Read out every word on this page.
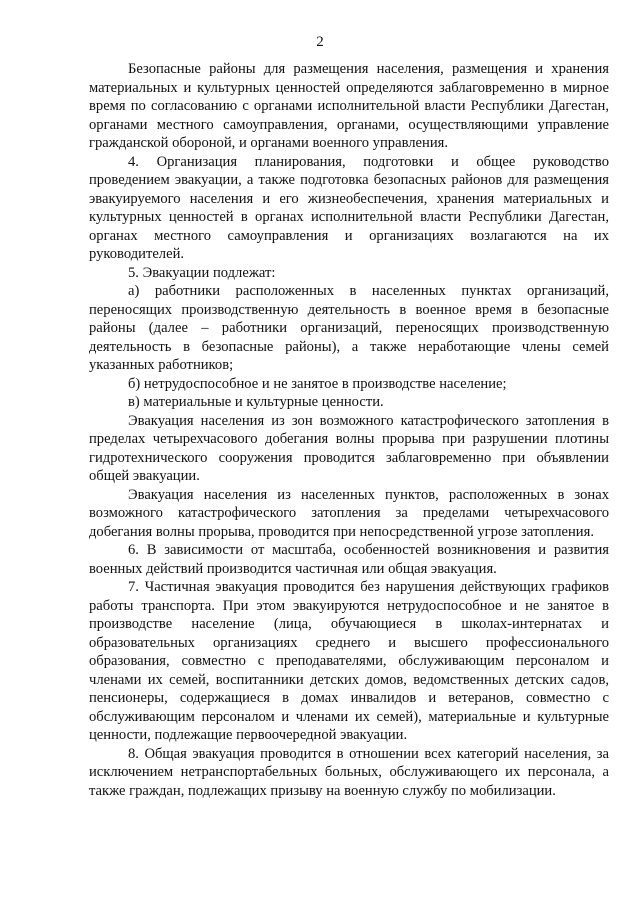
2

Безопасные районы для размещения населения, размещения и хранения материальных и культурных ценностей определяются заблаговременно в мирное время по согласованию с органами исполнительной власти Республики Дагестан, органами местного самоуправления, органами, осуществляющими управление гражданской обороной, и органами военного управления.

4. Организация планирования, подготовки и общее руководство проведением эвакуации, а также подготовка безопасных районов для размещения эвакуируемого населения и его жизнеобеспечения, хранения материальных и культурных ценностей в органах исполнительной власти Республики Дагестан, органах местного самоуправления и организациях возлагаются на их руководителей.

5. Эвакуации подлежат:

а) работники расположенных в населенных пунктах организаций, переносящих производственную деятельность в военное время в безопасные районы (далее – работники организаций, переносящих производственную деятельность в безопасные районы), а также неработающие члены семей указанных работников;

б) нетрудоспособное и не занятое в производстве население;

в) материальные и культурные ценности.

Эвакуация населения из зон возможного катастрофического затопления в пределах четырехчасового добегания волны прорыва при разрушении плотины гидротехнического сооружения проводится заблаговременно при объявлении общей эвакуации.

Эвакуация населения из населенных пунктов, расположенных в зонах возможного катастрофического затопления за пределами четырехчасового добегания волны прорыва, проводится при непосредственной угрозе затопления.

6. В зависимости от масштаба, особенностей возникновения и развития военных действий производится частичная или общая эвакуация.

7. Частичная эвакуация проводится без нарушения действующих графиков работы транспорта. При этом эвакуируются нетрудоспособное и не занятое в производстве население (лица, обучающиеся в школах-интернатах и образовательных организациях среднего и высшего профессионального образования, совместно с преподавателями, обслуживающим персоналом и членами их семей, воспитанники детских домов, ведомственных детских садов, пенсионеры, содержащиеся в домах инвалидов и ветеранов, совместно с обслуживающим персоналом и членами их семей), материальные и культурные ценности, подлежащие первоочередной эвакуации.

8. Общая эвакуация проводится в отношении всех категорий населения, за исключением нетранспортабельных больных, обслуживающего их персонала, а также граждан, подлежащих призыву на военную службу по мобилизации.
